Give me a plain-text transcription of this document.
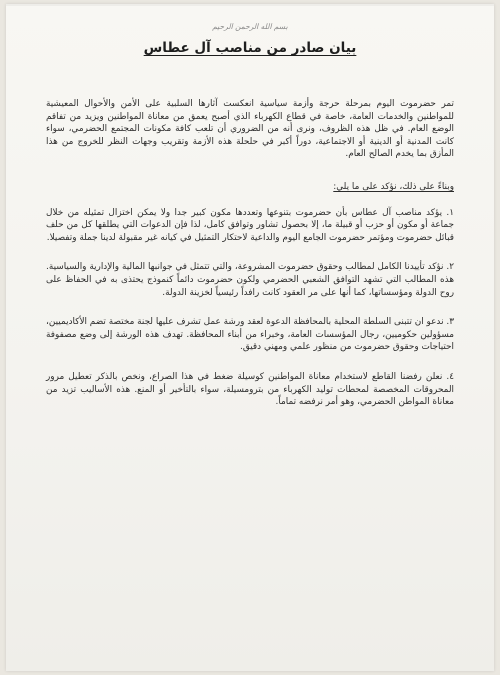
بسم الله الرحمن الرحيم
بيان صادر من مناصب آل عطاس

تمر حضرموت اليوم بمرحلة حرجة وأزمة سياسية انعكست آثارها السلبية على الأمن والأحوال المعيشية للمواطنين والخدمات العامة، خاصة في قطاع الكهرباء الذي أصبح يعمق من معاناة المواطنين ويزيد من تفاقم الوضع العام. في ظل هذه الظروف، ونرى أنه من الضروري أن تلعب كافة مكونات المجتمع الحضرمي، سواء كانت المدنية أو الدينية أو الاجتماعية، دوراً أكبر في حلحلة هذه الأزمة وتقريب وجهات النظر للخروج من هذا المأزق بما يخدم الصالح العام.

وبناءً على ذلك، نؤكد على ما يلي:

١. يؤكد مناصب آل عطاس بأن حضرموت بتنوعها وتعددها مكون كبير جدا ولا يمكن اختزال تمثيله من خلال جماعة أو مكون أو حزب أو قبيلة ما، إلا بحصول تشاور وتوافق كامل، لذا فإن الدعوات التي يطلقها كل من حلف قبائل حضرموت ومؤتمر حضرموت الجامع اليوم والداعية لاحتكار التمثيل في كيانه غير مقبولة لدينا جملة وتفصيلا.

٢. نؤكد تأييدنا الكامل لمطالب وحقوق حضرموت المشروعة، والتي تتمثل في جوانبها المالية والإدارية والسياسية. هذه المطالب التي تشهد التوافق الشعبي الحضرمي ولكون حضرموت دائماً كنموذج يحتذى به في الحفاظ على روح الدولة ومؤسساتها، كما أنها على مر العقود كانت رافداً رئيسياً لخزينة الدولة.

٣. ندعو ان تتبنى السلطة المحلية بالمحافظة الدعوة لعقد ورشة عمل تشرف عليها لجنة مختصة تضم الأكاديميين، مسؤولين حكوميين، رجال المؤسسات العامة، وخبراء من أبناء المحافظة. تهدف هذه الورشة إلى وضع مصفوفة احتياجات وحقوق حضرموت من منظور علمي ومهني دقيق.

٤. نعلن رفضنا القاطع لاستخدام معاناة المواطنين كوسيلة ضغط في هذا الصراع، ونخص بالذكر تعطيل مرور المحروقات المخصصة لمحطات توليد الكهرباء من بترومسيلة، سواء بالتأخير أو المنع. هذه الأساليب تزيد من معاناة المواطن الحضرمي، وهو أمر نرفضه تماماً.
